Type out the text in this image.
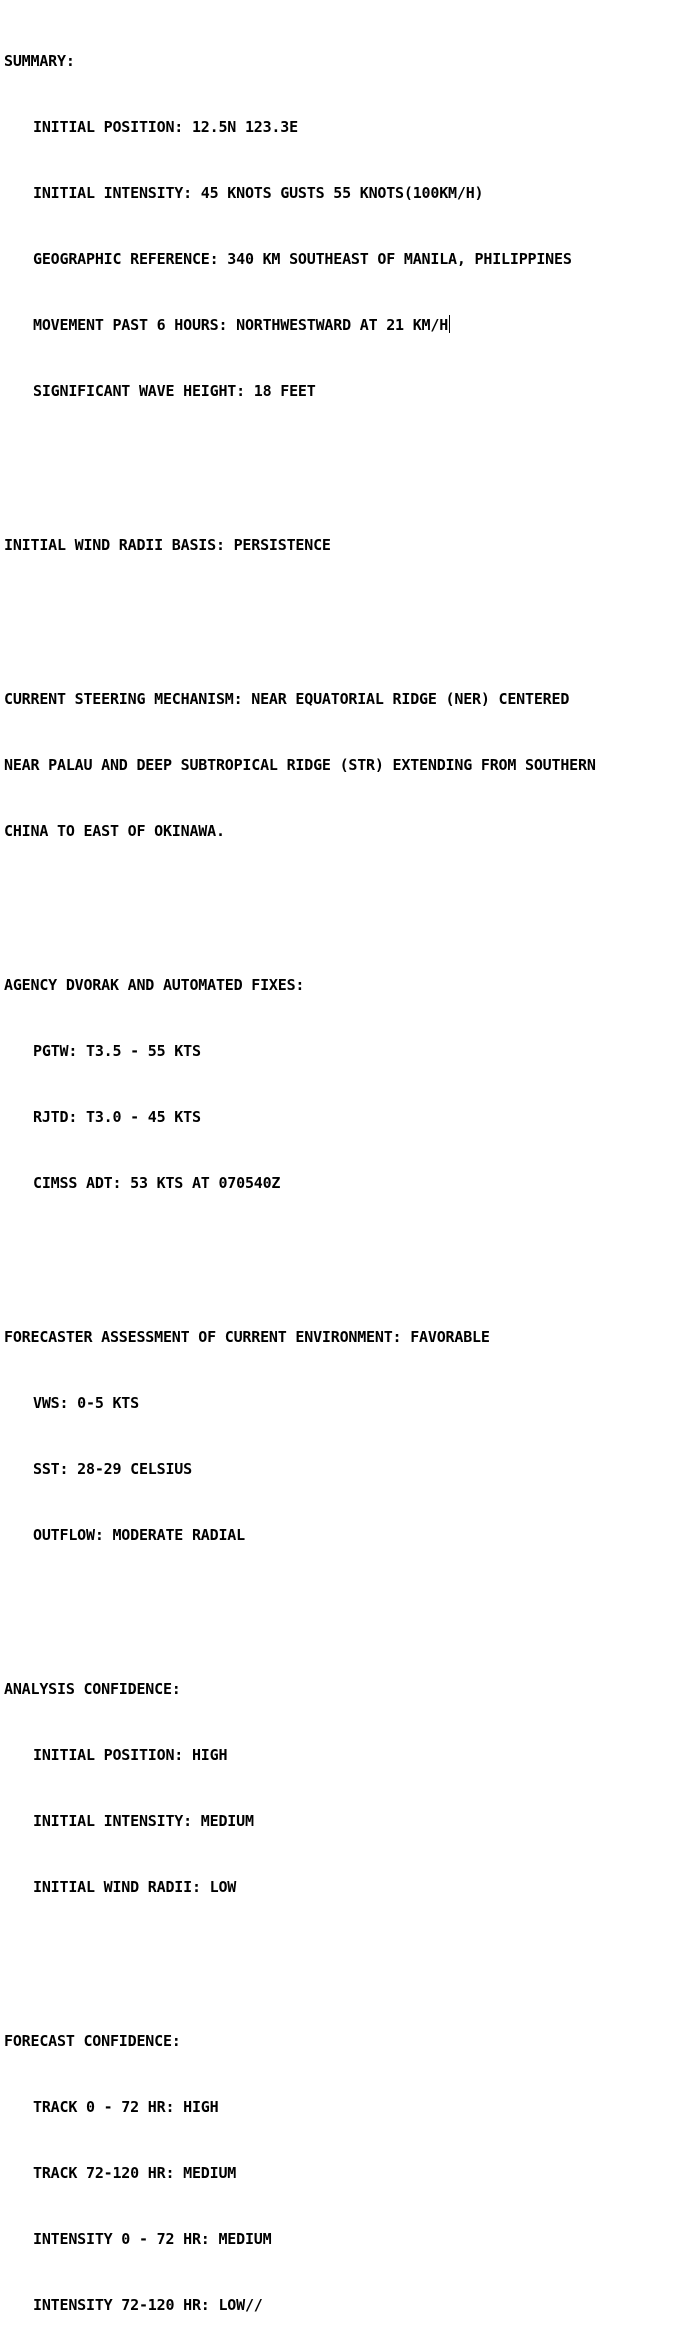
SUMMARY:

INITIAL POSITION: 12.5N 123.3E

INITIAL INTENSITY: 45 KNOTS GUSTS 55 KNOTS(100KM/H)

GEOGRAPHIC REFERENCE: 340 KM SOUTHEAST OF MANILA, PHILIPPINES

MOVEMENT PAST 6 HOURS: NORTHWESTWARD AT 21 KM/H

SIGNIFICANT WAVE HEIGHT: 18 FEET

INITIAL WIND RADII BASIS: PERSISTENCE

CURRENT STEERING MECHANISM: NEAR EQUATORIAL RIDGE (NER) CENTERED

NEAR PALAU AND DEEP SUBTROPICAL RIDGE (STR) EXTENDING FROM SOUTHERN

CHINA TO EAST OF OKINAWA.

AGENCY DVORAK AND AUTOMATED FIXES:

PGTW: T3.5 - 55 KTS

RJTD: T3.0 - 45 KTS

CIMSS ADT: 53 KTS AT 070540Z

FORECASTER ASSESSMENT OF CURRENT ENVIRONMENT: FAVORABLE

VWS: 0-5 KTS

SST: 28-29 CELSIUS

OUTFLOW: MODERATE RADIAL

ANALYSIS CONFIDENCE:

INITIAL POSITION: HIGH

INITIAL INTENSITY: MEDIUM

INITIAL WIND RADII: LOW

FORECAST CONFIDENCE:

TRACK 0 - 72 HR: HIGH

TRACK 72-120 HR: MEDIUM

INTENSITY 0 - 72 HR: MEDIUM

INTENSITY 72-120 HR: LOW//
